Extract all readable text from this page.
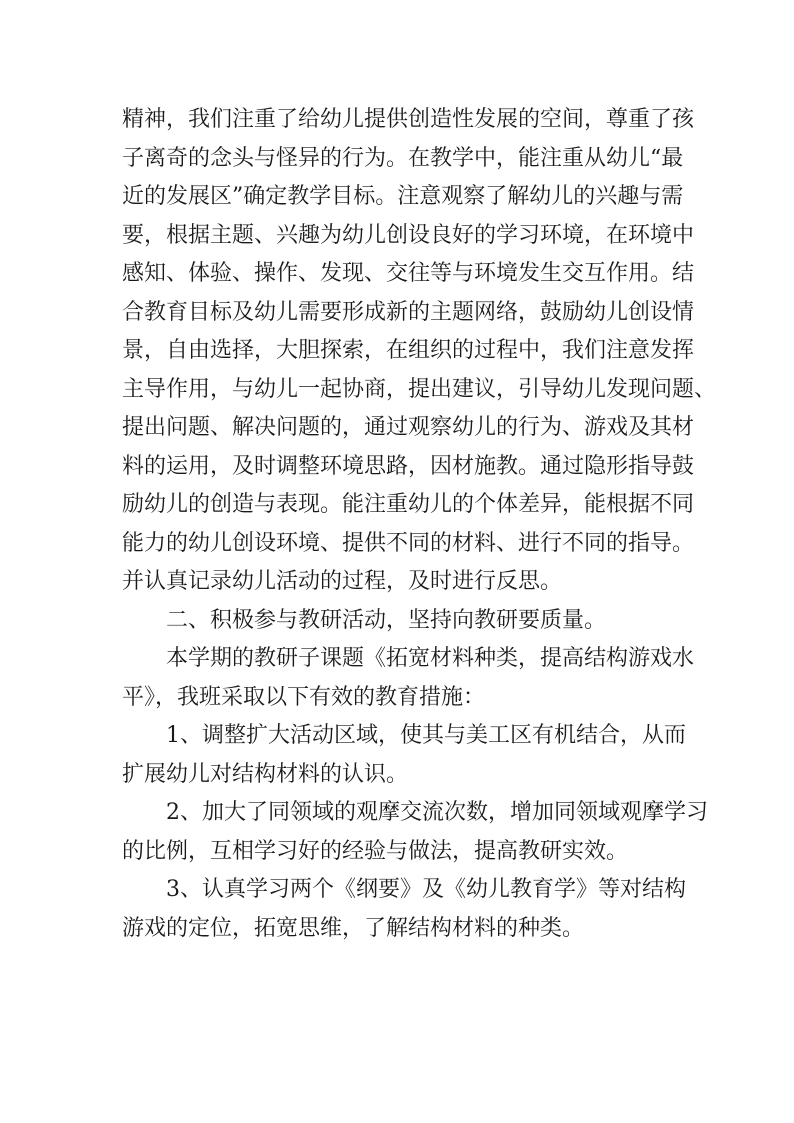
精神，我们注重了给幼儿提供创造性发展的空间，尊重了孩
子离奇的念头与怪异的行为。在教学中，能注重从幼儿“最
近的发展区”确定教学目标。注意观察了解幼儿的兴趣与需
要，根据主题、兴趣为幼儿创设良好的学习环境，在环境中
感知、体验、操作、发现、交往等与环境发生交互作用。结
合教育目标及幼儿需要形成新的主题网络，鼓励幼儿创设情
景，自由选择，大胆探索，在组织的过程中，我们注意发挥
主导作用，与幼儿一起协商，提出建议，引导幼儿发现问题、
提出问题、解决问题的，通过观察幼儿的行为、游戏及其材
料的运用，及时调整环境思路，因材施教。通过隐形指导鼓
励幼儿的创造与表现。能注重幼儿的个体差异，能根据不同
能力的幼儿创设环境、提供不同的材料、进行不同的指导。
并认真记录幼儿活动的过程，及时进行反思。
二、积极参与教研活动，坚持向教研要质量。
本学期的教研子课题《拓宽材料种类，提高结构游戏水
平》，我班采取以下有效的教育措施：
1、调整扩大活动区域，使其与美工区有机结合，从而
扩展幼儿对结构材料的认识。
2、加大了同领域的观摩交流次数，增加同领域观摩学习
的比例，互相学习好的经验与做法，提高教研实效。
3、认真学习两个《纲要》及《幼儿教育学》等对结构
游戏的定位，拓宽思维，了解结构材料的种类。
